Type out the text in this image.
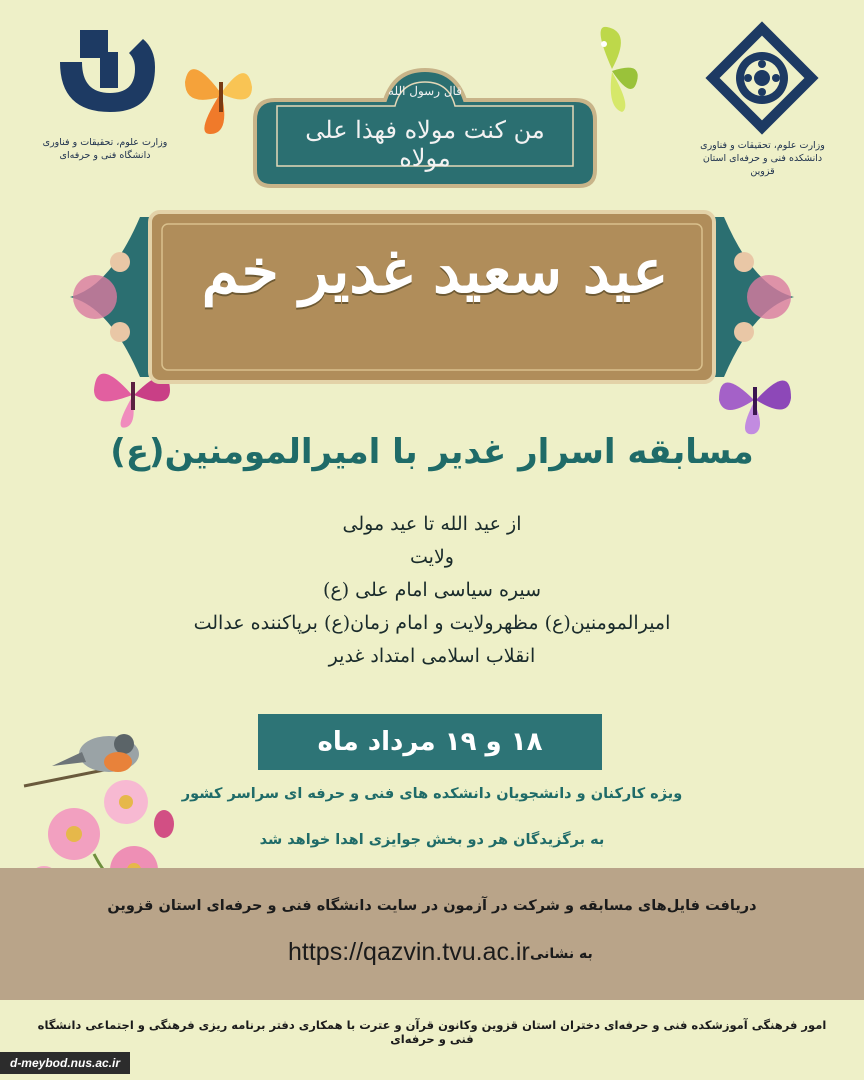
وزارت علوم، تحقیقات و فناوری
دانشگاه فنی و حرفه‌ای
وزارت علوم، تحقیقات و فناوری
دانشکده فنی و حرفه‌ای استان قزوین
قال رسول الله
من کنت مولاه فهذا علی مولاه
عید سعید غدیر خم
مسابقه اسرار غدیر با امیرالمومنین(ع)
از عید الله تا عید مولی
ولایت
سیره سیاسی امام علی (ع)
امیرالمومنین(ع) مظهرولایت و امام زمان(ع) برپاکننده عدالت
انقلاب اسلامی امتداد غدیر
۱۸ و ۱۹ مرداد ماه
ویژه کارکنان و دانشجویان دانشکده های فنی و حرفه ای سراسر کشور
به برگزیدگان هر دو بخش جوایزی اهدا خواهد شد
دریافت فایل‌های مسابقه و شرکت در آزمون در سایت دانشگاه فنی و حرفه‌ای استان قزوین
به نشانی
https://qazvin.tvu.ac.ir
امور فرهنگی آموزشکده فنی و حرفه‌ای دختران استان قزوین وکانون قرآن و عترت با همکاری دفتر برنامه ریزی فرهنگی و اجتماعی دانشگاه فنی و حرفه‌ای
d-meybod.nus.ac.ir
